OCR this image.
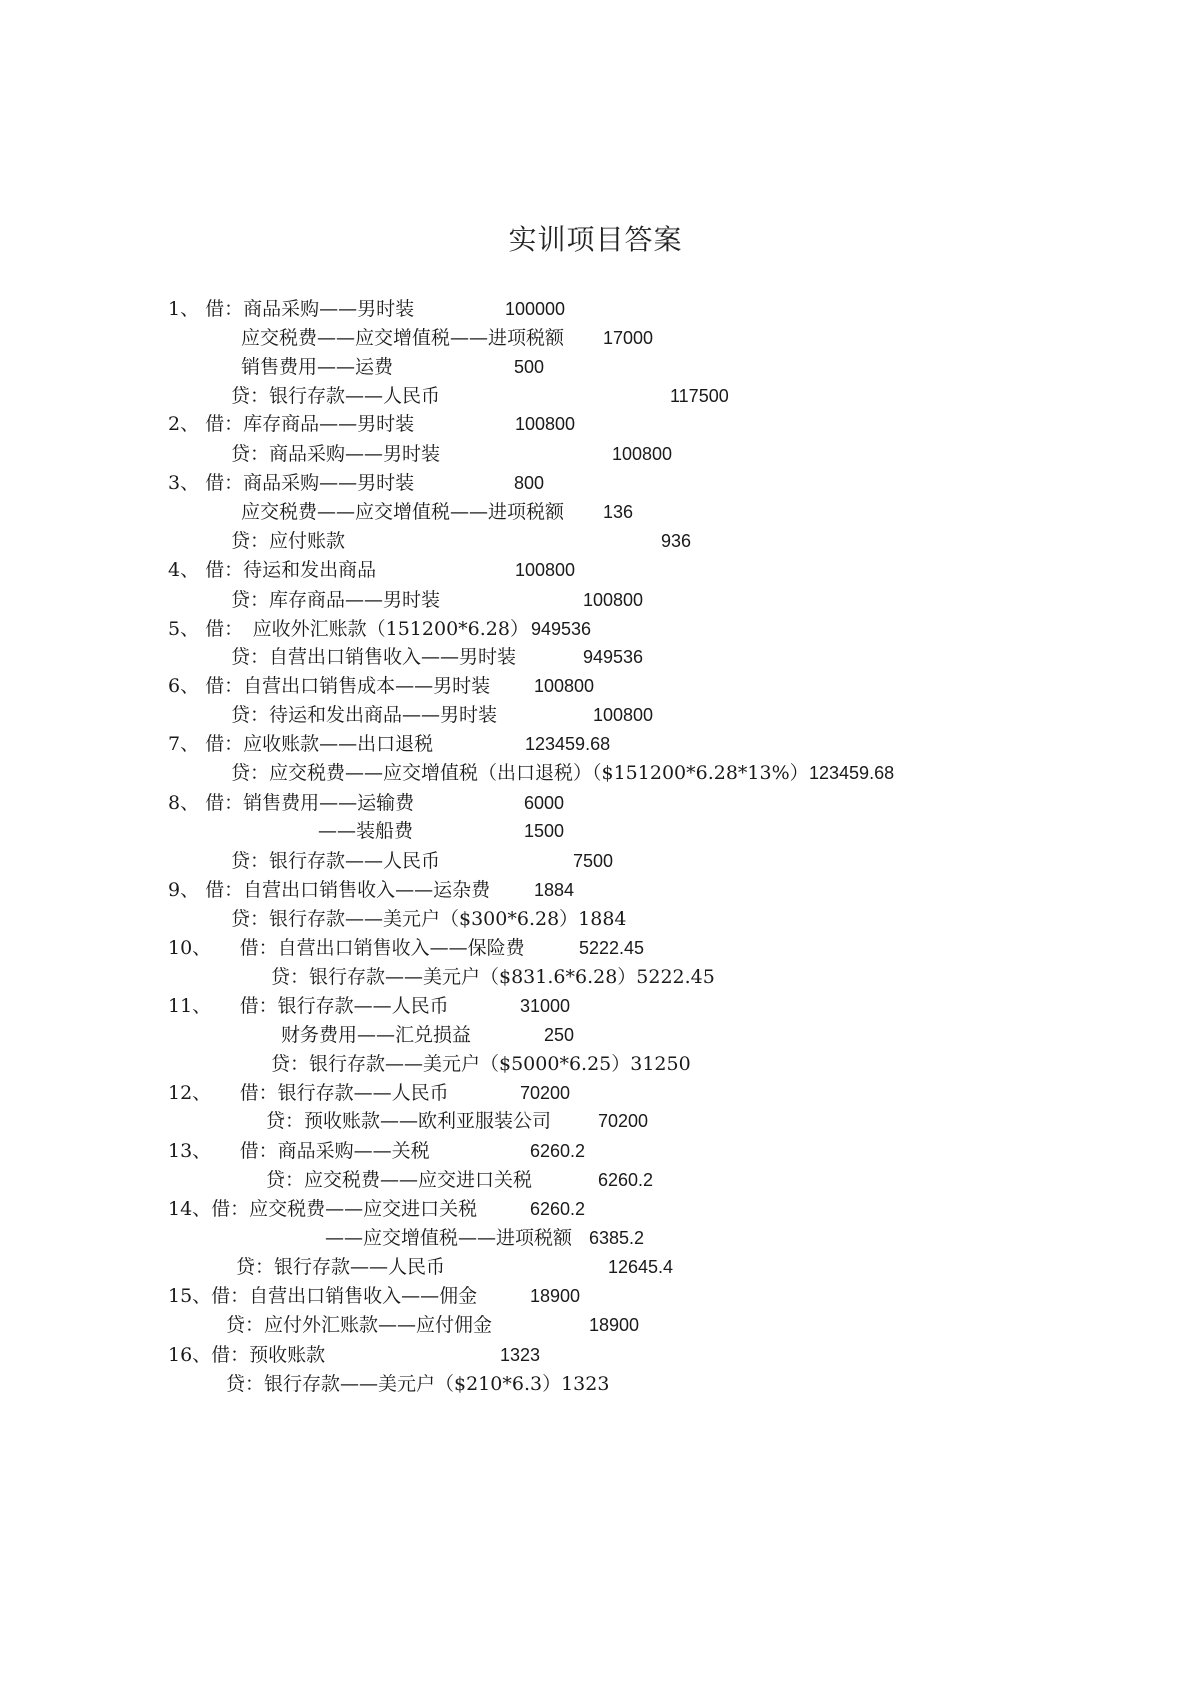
实训项目答案
1、 借：商品采购——男时装	100000
应交税费——应交增值税——进项税额 17000
销售费用——运费	500
贷：银行存款——人民币	117500
2、 借：库存商品——男时装	100800
贷：商品采购——男时装	100800
3、 借：商品采购——男时装	800
应交税费——应交增值税——进项税额 136
贷：应付账款	936
4、 借：待运和发出商品	100800
贷：库存商品——男时装	100800
5、 借：　应收外汇账款（151200*6.28） 949536
贷：自营出口销售收入——男时装	949536
6、 借：自营出口销售成本——男时装 100800
贷：待运和发出商品——男时装	100800
7、 借：应收账款——出口退税	123459.68
贷：应交税费——应交增值税（出口退税）（$151200*6.28*13%） 123459.68
8、 借：销售费用——运输费	6000
——装船费	1500
贷：银行存款——人民币	7500
9、 借：自营出口销售收入——运杂费 1884
贷：银行存款——美元户（$300*6.28）1884
10、　　借：自营出口销售收入——保险费	5222.45
贷：银行存款——美元户（$831.6*6.28）5222.45
11、　　借：银行存款——人民币	31000
财务费用——汇兑损益	250
贷：银行存款——美元户（$5000*6.25）31250
12、　　借：银行存款——人民币	70200
贷：预收账款——欧利亚服装公司	70200
13、　　借：商品采购——关税	6260.2
贷：应交税费——应交进口关税	6260.2
14、借：应交税费——应交进口关税	6260.2
——应交增值税——进项税额 6385.2
贷：银行存款——人民币	12645.4
15、借：自营出口销售收入——佣金	18900
贷：应付外汇账款——应付佣金	18900
16、借：预收账款	1323
贷：银行存款——美元户（$210*6.3）1323
